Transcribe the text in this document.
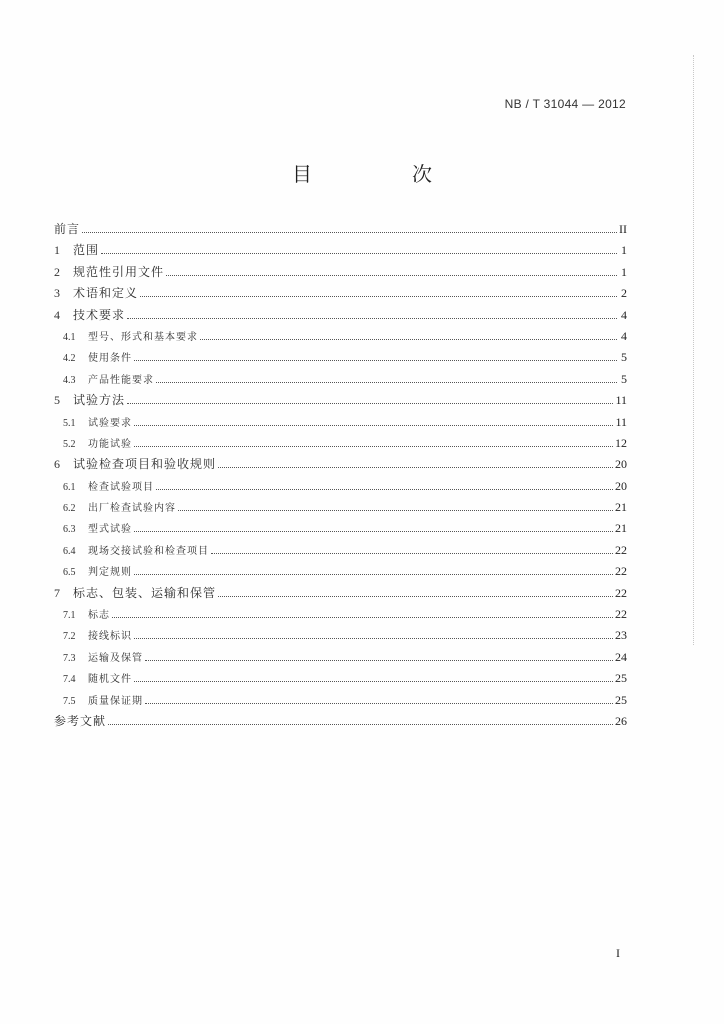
NB / T 31044 — 2012
目　次
前言	II
1	范围	1
2	规范性引用文件	1
3	术语和定义	2
4	技术要求	4
4.1	型号、形式和基本要求	4
4.2	使用条件	5
4.3	产品性能要求	5
5	试验方法	11
5.1	试验要求	11
5.2	功能试验	12
6	试验检查项目和验收规则	20
6.1	检查试验项目	20
6.2	出厂检查试验内容	21
6.3	型式试验	21
6.4	现场交接试验和检查项目	22
6.5	判定规则	22
7	标志、包装、运输和保管	22
7.1	标志	22
7.2	接线标识	23
7.3	运输及保管	24
7.4	随机文件	25
7.5	质量保证期	25
参考文献	26
I
